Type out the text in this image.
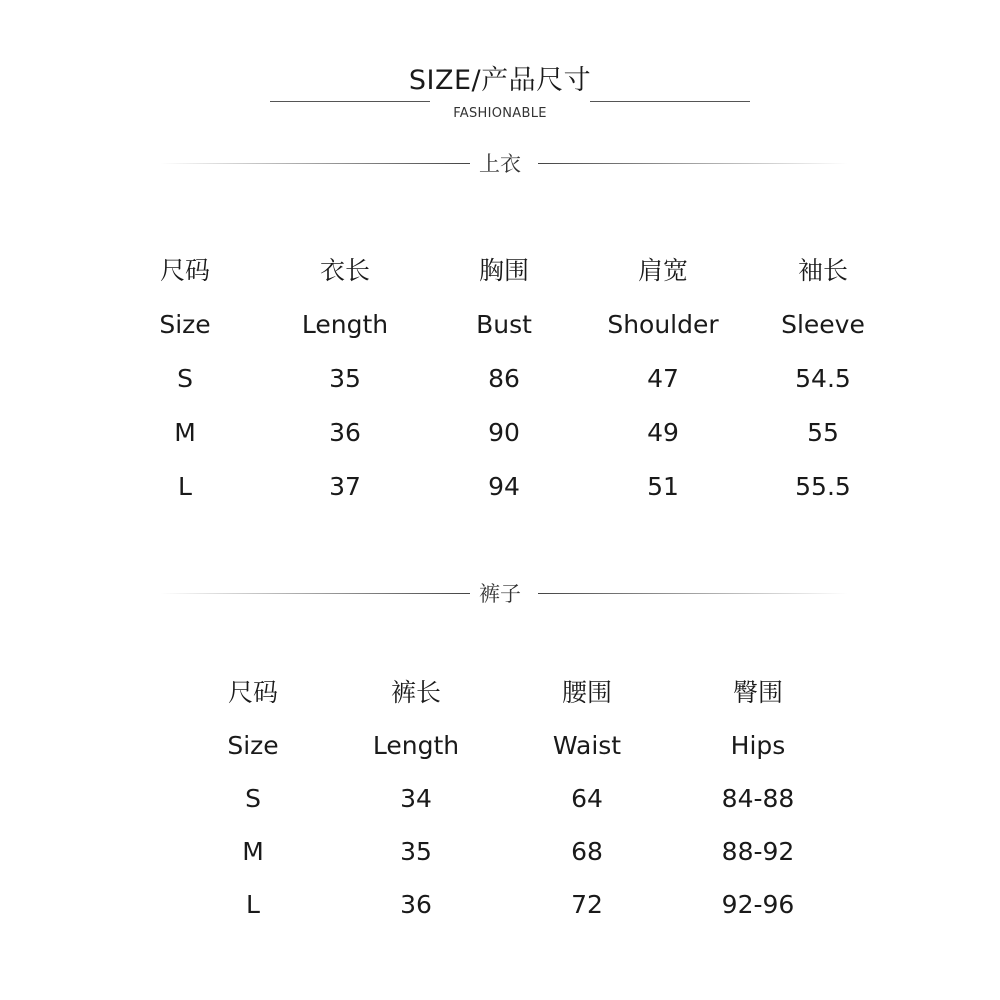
SIZE/产品尺寸
FASHIONABLE
上衣
尺码	衣长	胸围	肩宽	袖长
Size	Length	Bust	Shoulder	Sleeve
S	35	86	47	54.5
M	36	90	49	55
L	37	94	51	55.5
裤子
尺码	裤长	腰围	臀围
Size	Length	Waist	Hips
S	34	64	84-88
M	35	68	88-92
L	36	72	92-96
